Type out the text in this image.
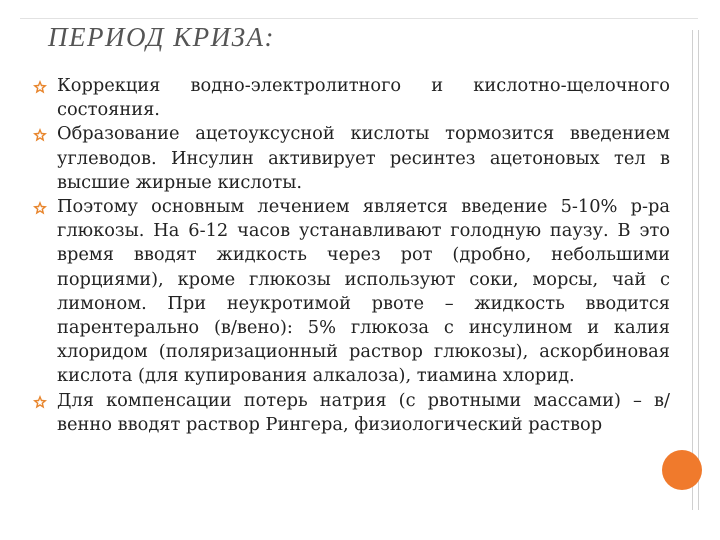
ПЕРИОД КРИЗА:
Коррекция водно-электролитного и кислотно-щелочного состояния.
Образование ацетоуксусной кислоты тормозится введением углеводов. Инсулин активирует ресинтез ацетоновых тел в высшие жирные кислоты.
Поэтому основным лечением является введение 5-10% р-ра глюкозы. На 6-12 часов устанавливают голодную паузу. В это время вводят жидкость через рот (дробно, небольшими порциями), кроме глюкозы используют соки, морсы, чай с лимоном. При неукротимой рвоте – жидкость вводится парентерально (в/вено): 5% глюкоза с инсулином и калия хлоридом (поляризационный раствор глюкозы), аскорбиновая кислота (для купирования алкалоза), тиамина хлорид.
Для компенсации потерь натрия (с рвотными массами) – в/венно вводят раствор Рингера, физиологический раствор
